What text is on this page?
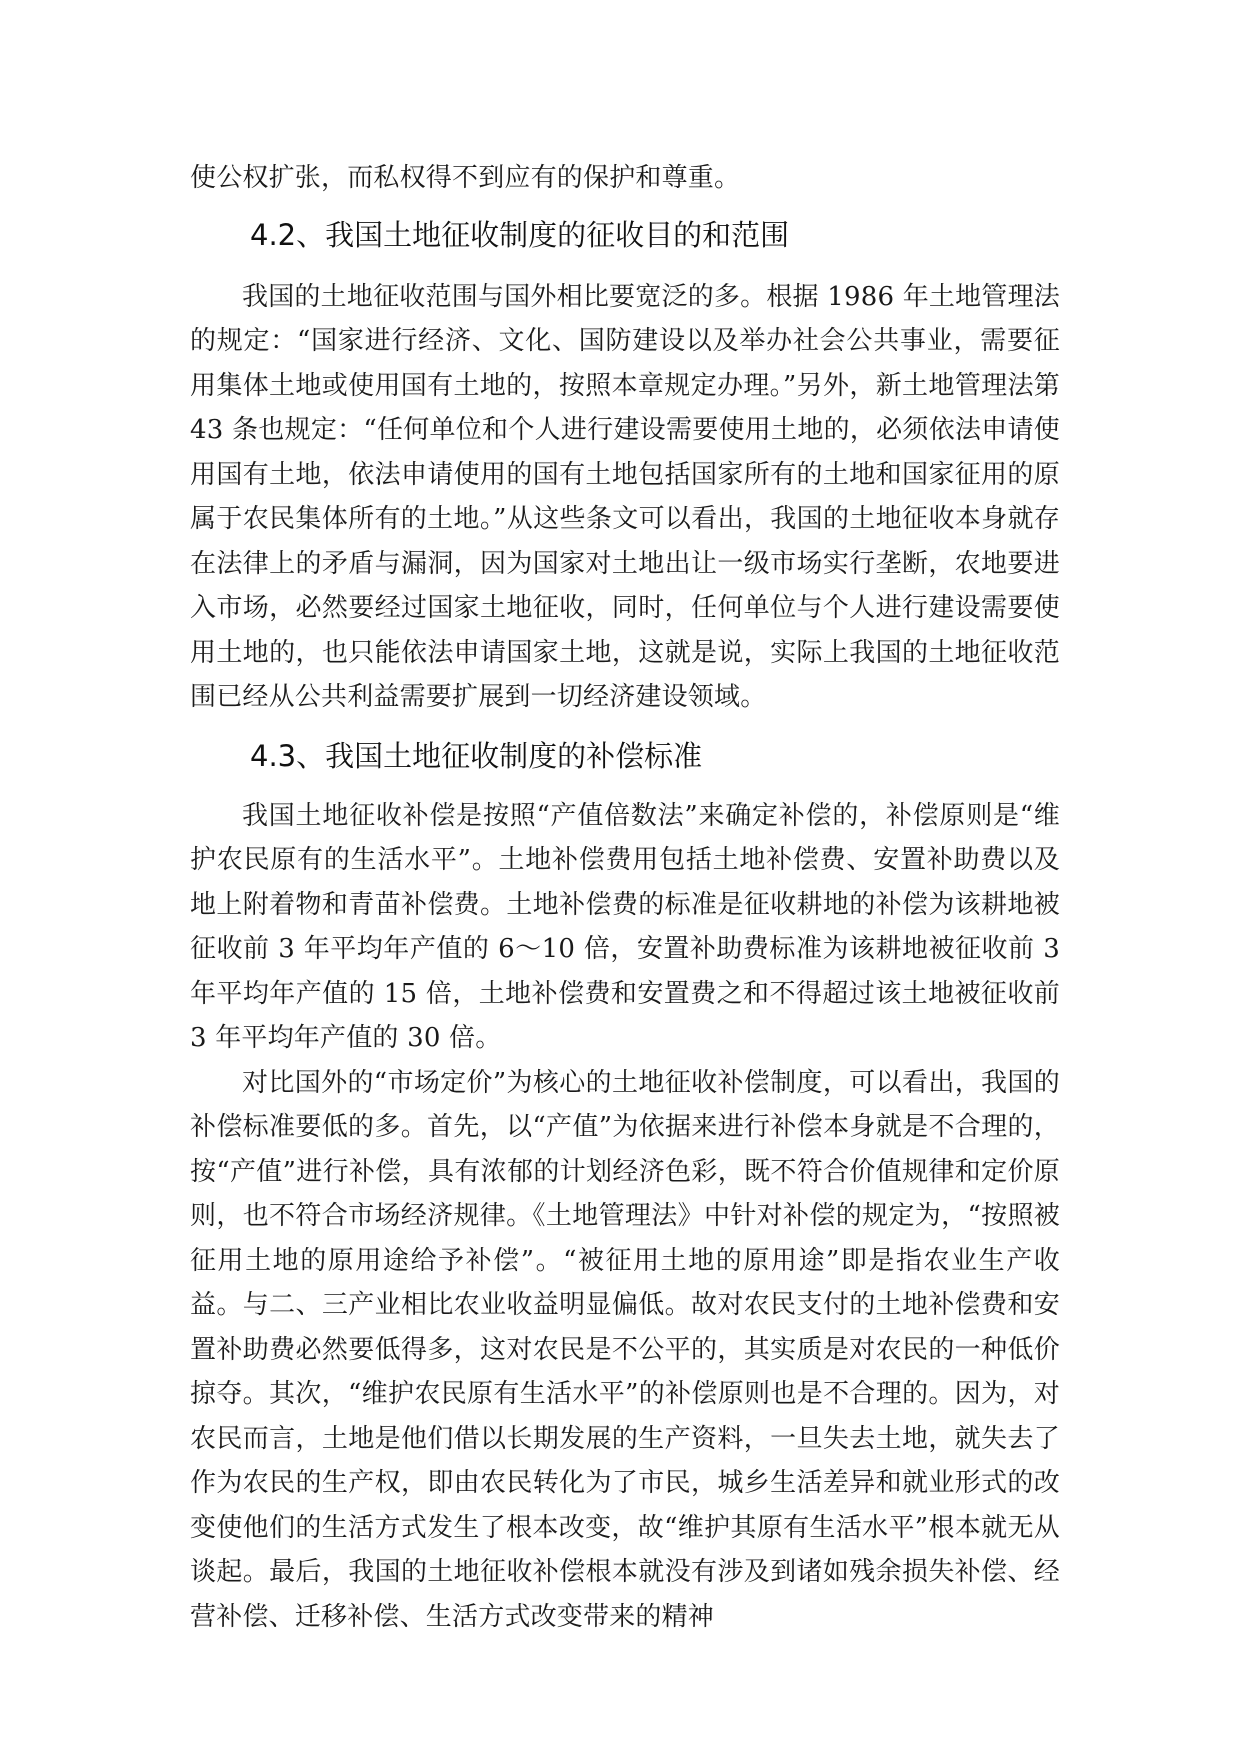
使公权扩张，而私权得不到应有的保护和尊重。

4.2、我国土地征收制度的征收目的和范围

我国的土地征收范围与国外相比要宽泛的多。根据 1986 年土地管理法的规定：“国家进行经济、文化、国防建设以及举办社会公共事业，需要征用集体土地或使用国有土地的，按照本章规定办理。”另外，新土地管理法第 43 条也规定：“任何单位和个人进行建设需要使用土地的，必须依法申请使用国有土地，依法申请使用的国有土地包括国家所有的土地和国家征用的原属于农民集体所有的土地。”从这些条文可以看出，我国的土地征收本身就存在法律上的矛盾与漏洞，因为国家对土地出让一级市场实行垄断，农地要进入市场，必然要经过国家土地征收，同时，任何单位与个人进行建设需要使用土地的，也只能依法申请国家土地，这就是说，实际上我国的土地征收范围已经从公共利益需要扩展到一切经济建设领域。

4.3、我国土地征收制度的补偿标准

我国土地征收补偿是按照“产值倍数法”来确定补偿的，补偿原则是“维护农民原有的生活水平”。土地补偿费用包括土地补偿费、安置补助费以及地上附着物和青苗补偿费。土地补偿费的标准是征收耕地的补偿为该耕地被征收前 3 年平均年产值的 6～10 倍，安置补助费标准为该耕地被征收前 3 年平均年产值的 15 倍，土地补偿费和安置费之和不得超过该土地被征收前 3 年平均年产值的 30 倍。

对比国外的“市场定价”为核心的土地征收补偿制度，可以看出，我国的补偿标准要低的多。首先，以“产值”为依据来进行补偿本身就是不合理的，按“产值”进行补偿，具有浓郁的计划经济色彩，既不符合价值规律和定价原则，也不符合市场经济规律。《土地管理法》中针对补偿的规定为，“按照被征用土地的原用途给予补偿”。“被征用土地的原用途”即是指农业生产收益。与二、三产业相比农业收益明显偏低。故对农民支付的土地补偿费和安置补助费必然要低得多，这对农民是不公平的，其实质是对农民的一种低价掠夺。其次，“维护农民原有生活水平”的补偿原则也是不合理的。因为，对农民而言，土地是他们借以长期发展的生产资料，一旦失去土地，就失去了作为农民的生产权，即由农民转化为了市民，城乡生活差异和就业形式的改变使他们的生活方式发生了根本改变，故“维护其原有生活水平”根本就无从谈起。最后，我国的土地征收补偿根本就没有涉及到诸如残余损失补偿、经营补偿、迁移补偿、生活方式改变带来的精神
